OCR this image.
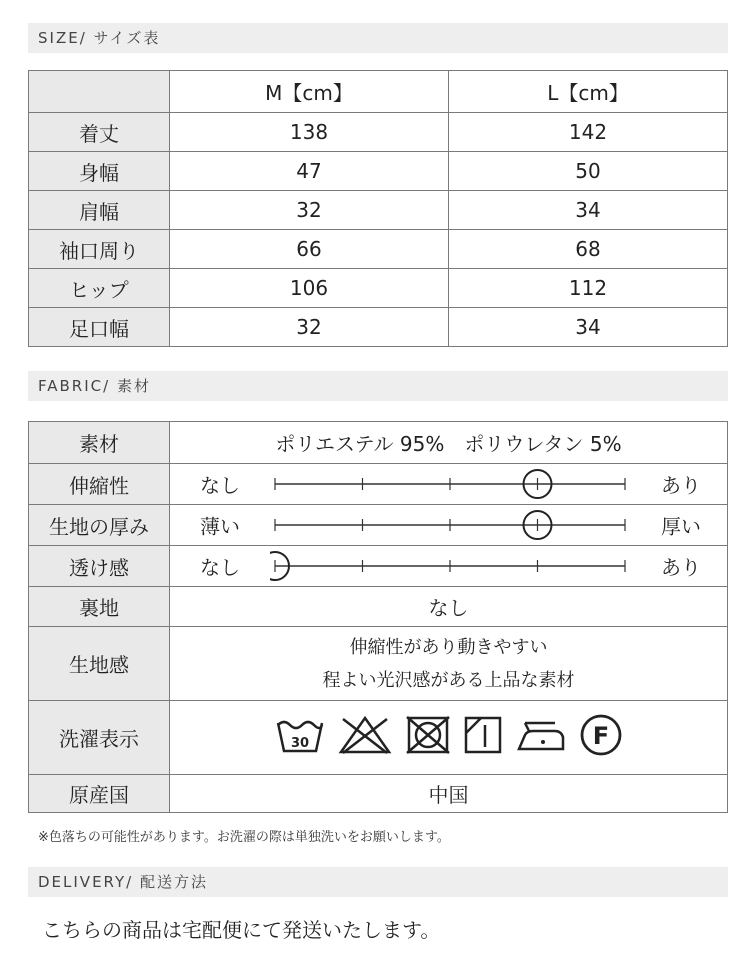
SIZE/ サイズ表
	M【cm】	L【cm】
着丈	138	142
身幅	47	50
肩幅	32	34
袖口周り	66	68
ヒップ	106	112
足口幅	32	34
FABRIC/ 素材
素材	ポリエステル 95%　ポリウレタン 5%
伸縮性	なし あり

生地の厚み	薄い 厚い

透け感	なし あり

裏地	なし
生地感	伸縮性があり動きやすい
程よい光沢感がある上品な素材

洗濯表示	30 F

原産国	中国
※色落ちの可能性があります。お洗濯の際は単独洗いをお願いします。
DELIVERY/ 配送方法
こちらの商品は宅配便にて発送いたします。
